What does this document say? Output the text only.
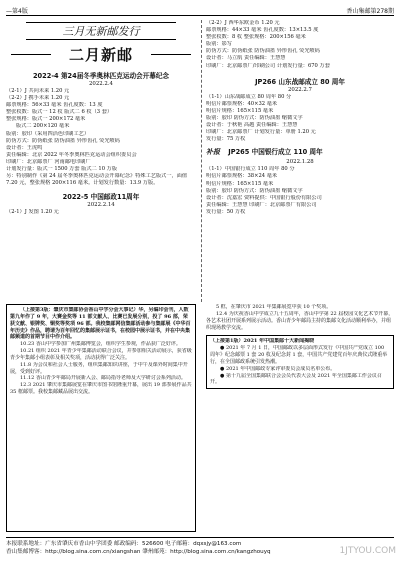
—第4版	香山集邮第278期
三月无新邮发行
二月新邮
2022-4 第24届冬季奥林匹克运动会开幕纪念
2022.2.4
（2-1）J 共向未来 1.20 元
（2-2）J 携手未来 1.20 元
邮票规格：56×33 毫米 齿孔度数：13 度
整张枚数：版式一 12 枚 版式二 6 枚（3 套）
整张规格：版式一 200×172 毫米
版式二 200×120 毫米
版别：胶印（采用四活色印刷工艺）
防伪方式：防伪纸张 防伪油墨 异形齿孔 荧光喷码
设计者：王虎鸣
责任编辑：北京 2022 年冬季奥林匹克运动会组织委员会
印刷厂：北京邮票厂 河南邮电印刷厂
计划发行量：版式一 1500 万套 版式二 10 万版
另：特别制作《第 24 届冬季奥林匹克运动会开幕纪念》特殊工艺版式一，面值 7.20 元，整张规格 200×116 毫米。计划发行数量：13.9 万版。
2022-5 中国邮政11周年
2022.2.14
（2-1）J 发图 1.20 元
（2-2）J 西华东欧金币 1.20 元
邮票规格：44×33 毫米 齿孔度数：13×13.5 度
整张枚数：8 枚 整张规格：200×156 毫米
版别：影写
防伪方式：防伪纸张 防伪油墨 异形齿孔 荧光喷码
设计者：马立航 责任编辑：王慧慧
印刷厂：北京邮票厂/印刷公司 计划发行量：670 万套
JP266 山东战邮成立 80 周年
2022.2.7
（1-1）山东战邮成立 80 周年 80 分
明信片邮票规格：40×32 毫米
明信片规格：165×115 毫米
版别：胶印 防伪方式：防伪油墨 缩微文字
设计者：于秋艳 高越 责任编辑：王慧慧
印刷厂：北京邮票厂 计划发行量：单册 1.20 元
发行量：75 万枚
补报 JP265 中国银行成立 110 周年
2022.1.28
（1-1）中国银行成立 110 周年 80 分
明信片邮票规格：38×24 毫米
明信片规格：165×115 毫米
版别：胶印 防伪方式：防伪油墨 缩微文字
设计者：沈嘉宏 资料提供：中国银行股份有限公司
责任编辑：王慧慧 印刷厂：北京邮票厂有限公司
发行量：50 万枚

（上接第3版：肇庆市集邮协会香山中学分会大事记）华，另编印会刊，人数第九年作了 9 年，大赛金奖等 11 部文献人、比赛已发展分别，投了 96 部，荣获文献、银牌奖、铜奖等奖项 96 部。我校集邮网信集邮活动参与集邮展《中华百年历史》作品，聘请为百年回忆的集邮展示证书，在校园中展示证书，并在中央集邮频道的首期节目中作介绍。

10.23 香山中学参加广州集邮博览会，组织学生参观，作品获广泛好评。

10.21 组织 2021 年青少年集邮活动联合会议，并参加相关活动展示，获省级青少年集邮小组表彰及相关奖项，活动获得广泛关注。

11.8 为会员和社会人士服务，组织集邮知识讲座，于中午及课外时间集中开展，受到好评。

11.12 香山青少年邮局开展新入会、邮局指导老师及大学研讨会系列活动。

12.3 2021 肇庆市集邮展览在肇庆市图书馆隆重开幕，展出 19 部参展作品共 35 框邮票。我校集邮藏品展出交流。

5 框，在肇庆市 2021 年集邮展览中获 10 个奖项。

12.4 为庆祝香山中学成立九十五周年，香山中学第 22 届校园文化艺术节开幕，各艺术社团开展系列展示活动。香山青少年邮局主持的集邮文化活动顺利举办，并组织现场教学交流。

（上接第1版）2021 年中国集邮十大新闻揭晓

● 2021 年 7 月 1 日，中国邮政以多层面形式发行《中国共产党成立 100 周年》纪念邮票 1 套 20 枚及纪念封 1 套，中国共产党建党百年庆典仪式隆重举行，在全国邮政系统引发热潮。

● 2021 年中国邮政专家评审委员会成员名单公布。

● 第十九届全国集邮联合会会员代表大会及 2021 年全国集邮工作会议召开。

本报联系地址：广东省肇庆市香山中学团委 邮政编码：526600 电子邮箱：dqxsjy@163.com
香山集邮博客：http://blog.sina.com.cn/xiangshan 肇州邮苑：http://blog.sina.com.cn/kangzhouyq	1JTYOU.COM
